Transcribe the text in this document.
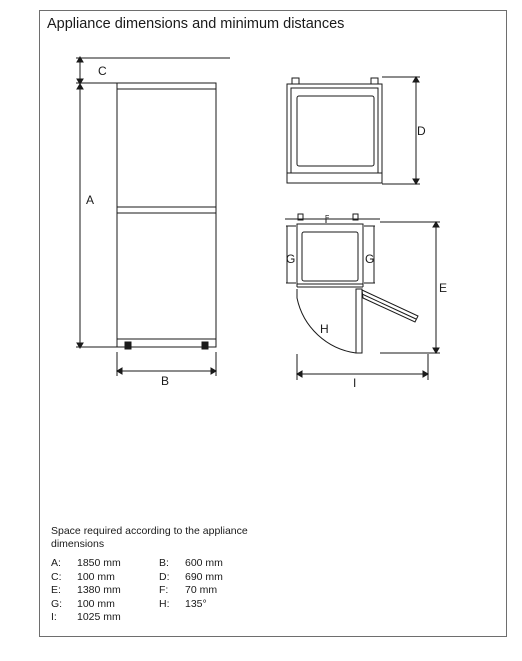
Appliance dimensions and minimum distances
C
A
B
D
F
G	G
E
H
I
Space required according to the appliance dimensions
A: 1850 mm
C: 100 mm
E: 1380 mm
G: 100 mm
I: 1025 mm
B: 600 mm
D: 690 mm
F: 70 mm
H: 135°
